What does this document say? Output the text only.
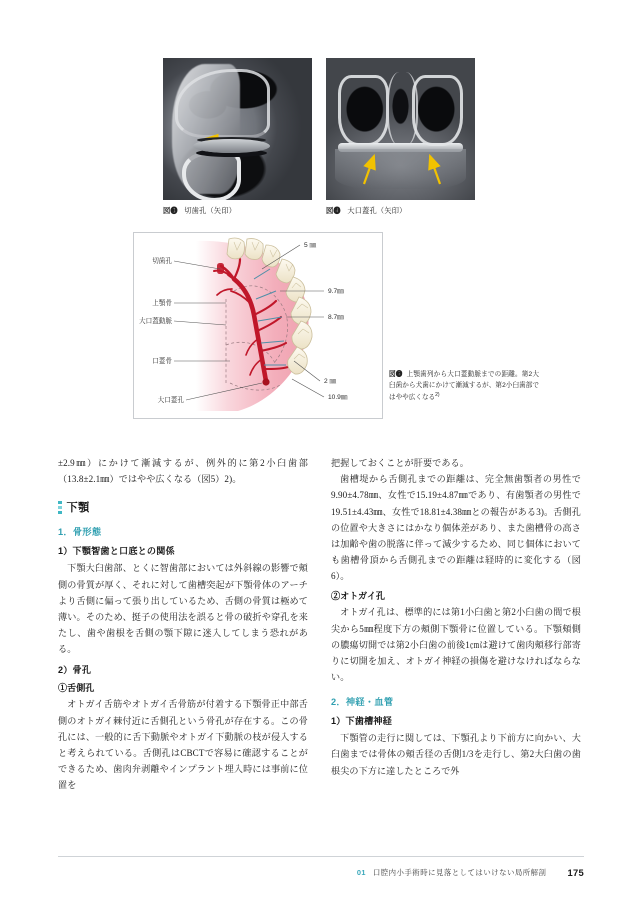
図❸ 切歯孔（矢印）	図❹ 大口蓋孔（矢印）
切歯孔
上顎骨
大口蓋動脈
口蓋骨
大口蓋孔
5 ㎜
9.7㎜
8.7㎜
2 ㎜
10.9㎜
図❺ 上顎歯列から大口蓋動脈までの距離。第2大臼歯から犬歯にかけて漸減するが、第2小臼歯部ではやや広くなる$^{2)}$

±2.9㎜）にかけて漸減するが、例外的に第2小臼歯部（13.8±2.1㎜）ではやや広くなる（図5）2)。

下顎
1．骨形態
1）下顎智歯と口底との関係

下顎大臼歯部、とくに智歯部においては外斜線の影響で頰側の骨質が厚く、それに対して歯槽突起が下顎骨体のアーチより舌側に偏って張り出しているため、舌側の骨質は極めて薄い。そのため、挺子の使用法を誤ると骨の破折や穿孔を来たし、歯や歯根を舌側の顎下隙に迷入してしまう恐れがある。

2）骨孔
①舌側孔

オトガイ舌筋やオトガイ舌骨筋が付着する下顎骨正中部舌側のオトガイ棘付近に舌側孔という骨孔が存在する。この骨孔には、一般的に舌下動脈やオトガイ下動脈の枝が侵入すると考えられている。舌側孔はCBCTで容易に確認することができるため、歯肉弁剥離やインプラント埋入時には事前に位置を

把握しておくことが肝要である。

歯槽堤から舌側孔までの距離は、完全無歯顎者の男性で9.90±4.78㎜、女性で15.19±4.87㎜であり、有歯顎者の男性で19.51±4.43㎜、女性で18.81±4.38㎜との報告がある3)。舌側孔の位置や大きさにはかなり個体差があり、また歯槽骨の高さは加齢や歯の脱落に伴って減少するため、同じ個体においても歯槽骨頂から舌側孔までの距離は経時的に変化する（図6）。

②オトガイ孔

オトガイ孔は、標準的には第1小臼歯と第2小臼歯の間で根尖から5㎜程度下方の頰側下顎骨に位置している。下顎頰側の膿瘍切開では第2小臼歯の前後1㎝は避けて歯肉頰移行部寄りに切開を加え、オトガイ神経の損傷を避けなければならない。

2．神経・血管
1）下歯槽神経

下顎管の走行に関しては、下顎孔より下前方に向かい、大臼歯までは骨体の頰舌径の舌側1/3を走行し、第2大臼歯の歯根尖の下方に達したところで外

01 口腔内小手術時に見落としてはいけない局所解剖 175
